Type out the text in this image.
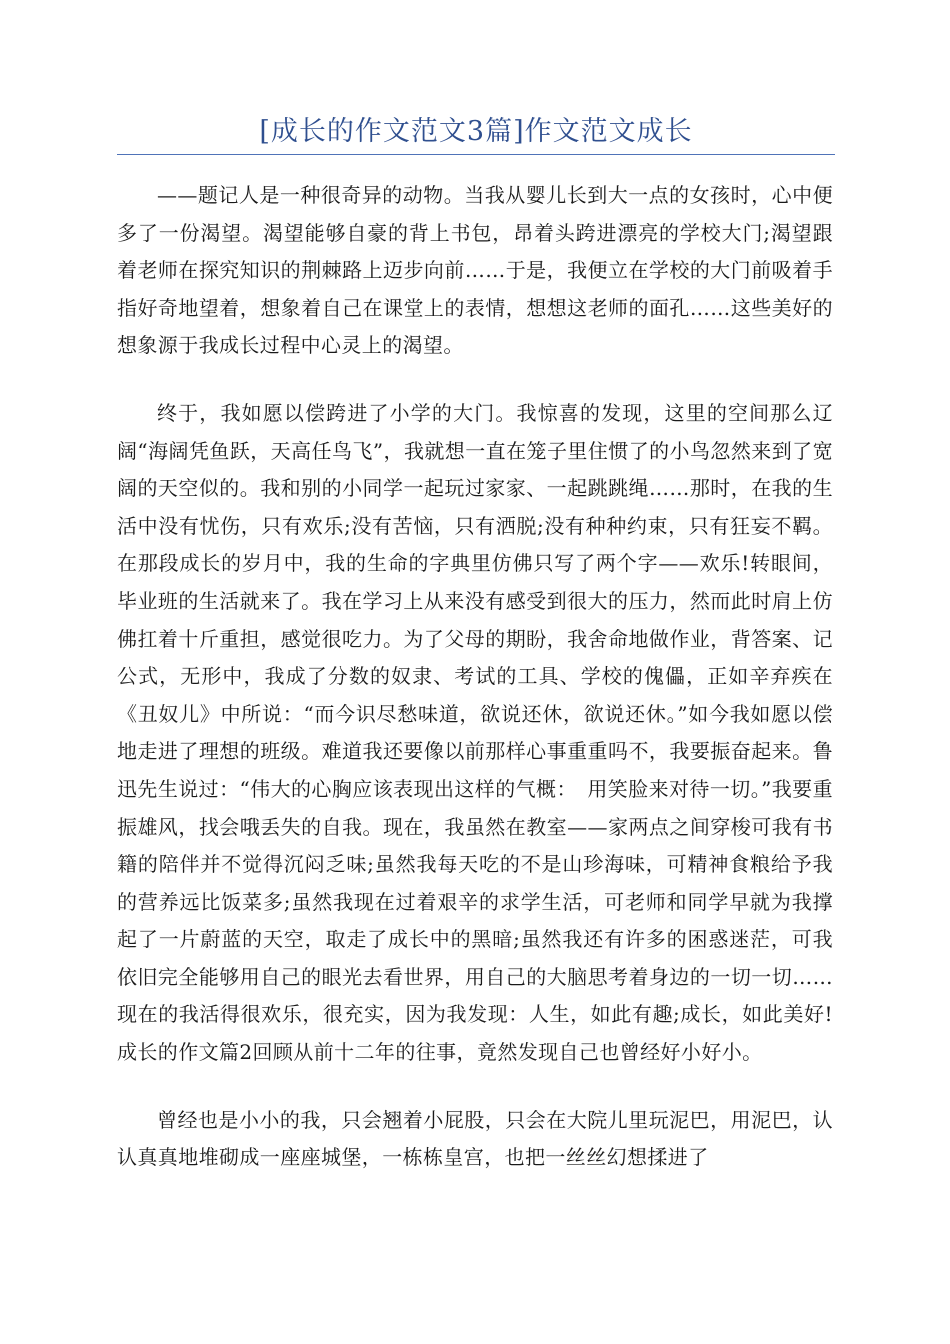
[成长的作文范文3篇]作文范文成长

——题记人是一种很奇异的动物。当我从婴儿长到大一点的女孩时，心中便多了一份渴望。渴望能够自豪的背上书包，昂着头跨进漂亮的学校大门;渴望跟着老师在探究知识的荆棘路上迈步向前……于是，我便立在学校的大门前吸着手指好奇地望着，想象着自己在课堂上的表情，想想这老师的面孔……这些美好的想象源于我成长过程中心灵上的渴望。

终于，我如愿以偿跨进了小学的大门。我惊喜的发现，这里的空间那么辽阔“海阔凭鱼跃，天高任鸟飞”，我就想一直在笼子里住惯了的小鸟忽然来到了宽阔的天空似的。我和别的小同学一起玩过家家、一起跳跳绳……那时，在我的生活中没有忧伤，只有欢乐;没有苦恼，只有洒脱;没有种种约束，只有狂妄不羁。在那段成长的岁月中，我的生命的字典里仿佛只写了两个字——欢乐!转眼间，毕业班的生活就来了。我在学习上从来没有感受到很大的压力，然而此时肩上仿佛扛着十斤重担，感觉很吃力。为了父母的期盼，我舍命地做作业，背答案、记公式，无形中，我成了分数的奴隶、考试的工具、学校的傀儡，正如辛弃疾在《丑奴儿》中所说：“而今识尽愁味道，欲说还休，欲说还休。”如今我如愿以偿地走进了理想的班级。难道我还要像以前那样心事重重吗不，我要振奋起来。鲁迅先生说过：“伟大的心胸应该表现出这样的气概：　用笑脸来对待一切。”我要重振雄风，找会哦丢失的自我。现在，我虽然在教室——家两点之间穿梭可我有书籍的陪伴并不觉得沉闷乏味;虽然我每天吃的不是山珍海味，可精神食粮给予我的营养远比饭菜多;虽然我现在过着艰辛的求学生活，可老师和同学早就为我撑起了一片蔚蓝的天空，取走了成长中的黑暗;虽然我还有许多的困惑迷茫，可我依旧完全能够用自己的眼光去看世界，用自己的大脑思考着身边的一切一切……现在的我活得很欢乐，很充实，因为我发现：人生，如此有趣;成长，如此美好!成长的作文篇2回顾从前十二年的往事，竟然发现自己也曾经好小好小。

曾经也是小小的我，只会翘着小屁股，只会在大院儿里玩泥巴，用泥巴，认认真真地堆砌成一座座城堡，一栋栋皇宫，也把一丝丝幻想揉进了
